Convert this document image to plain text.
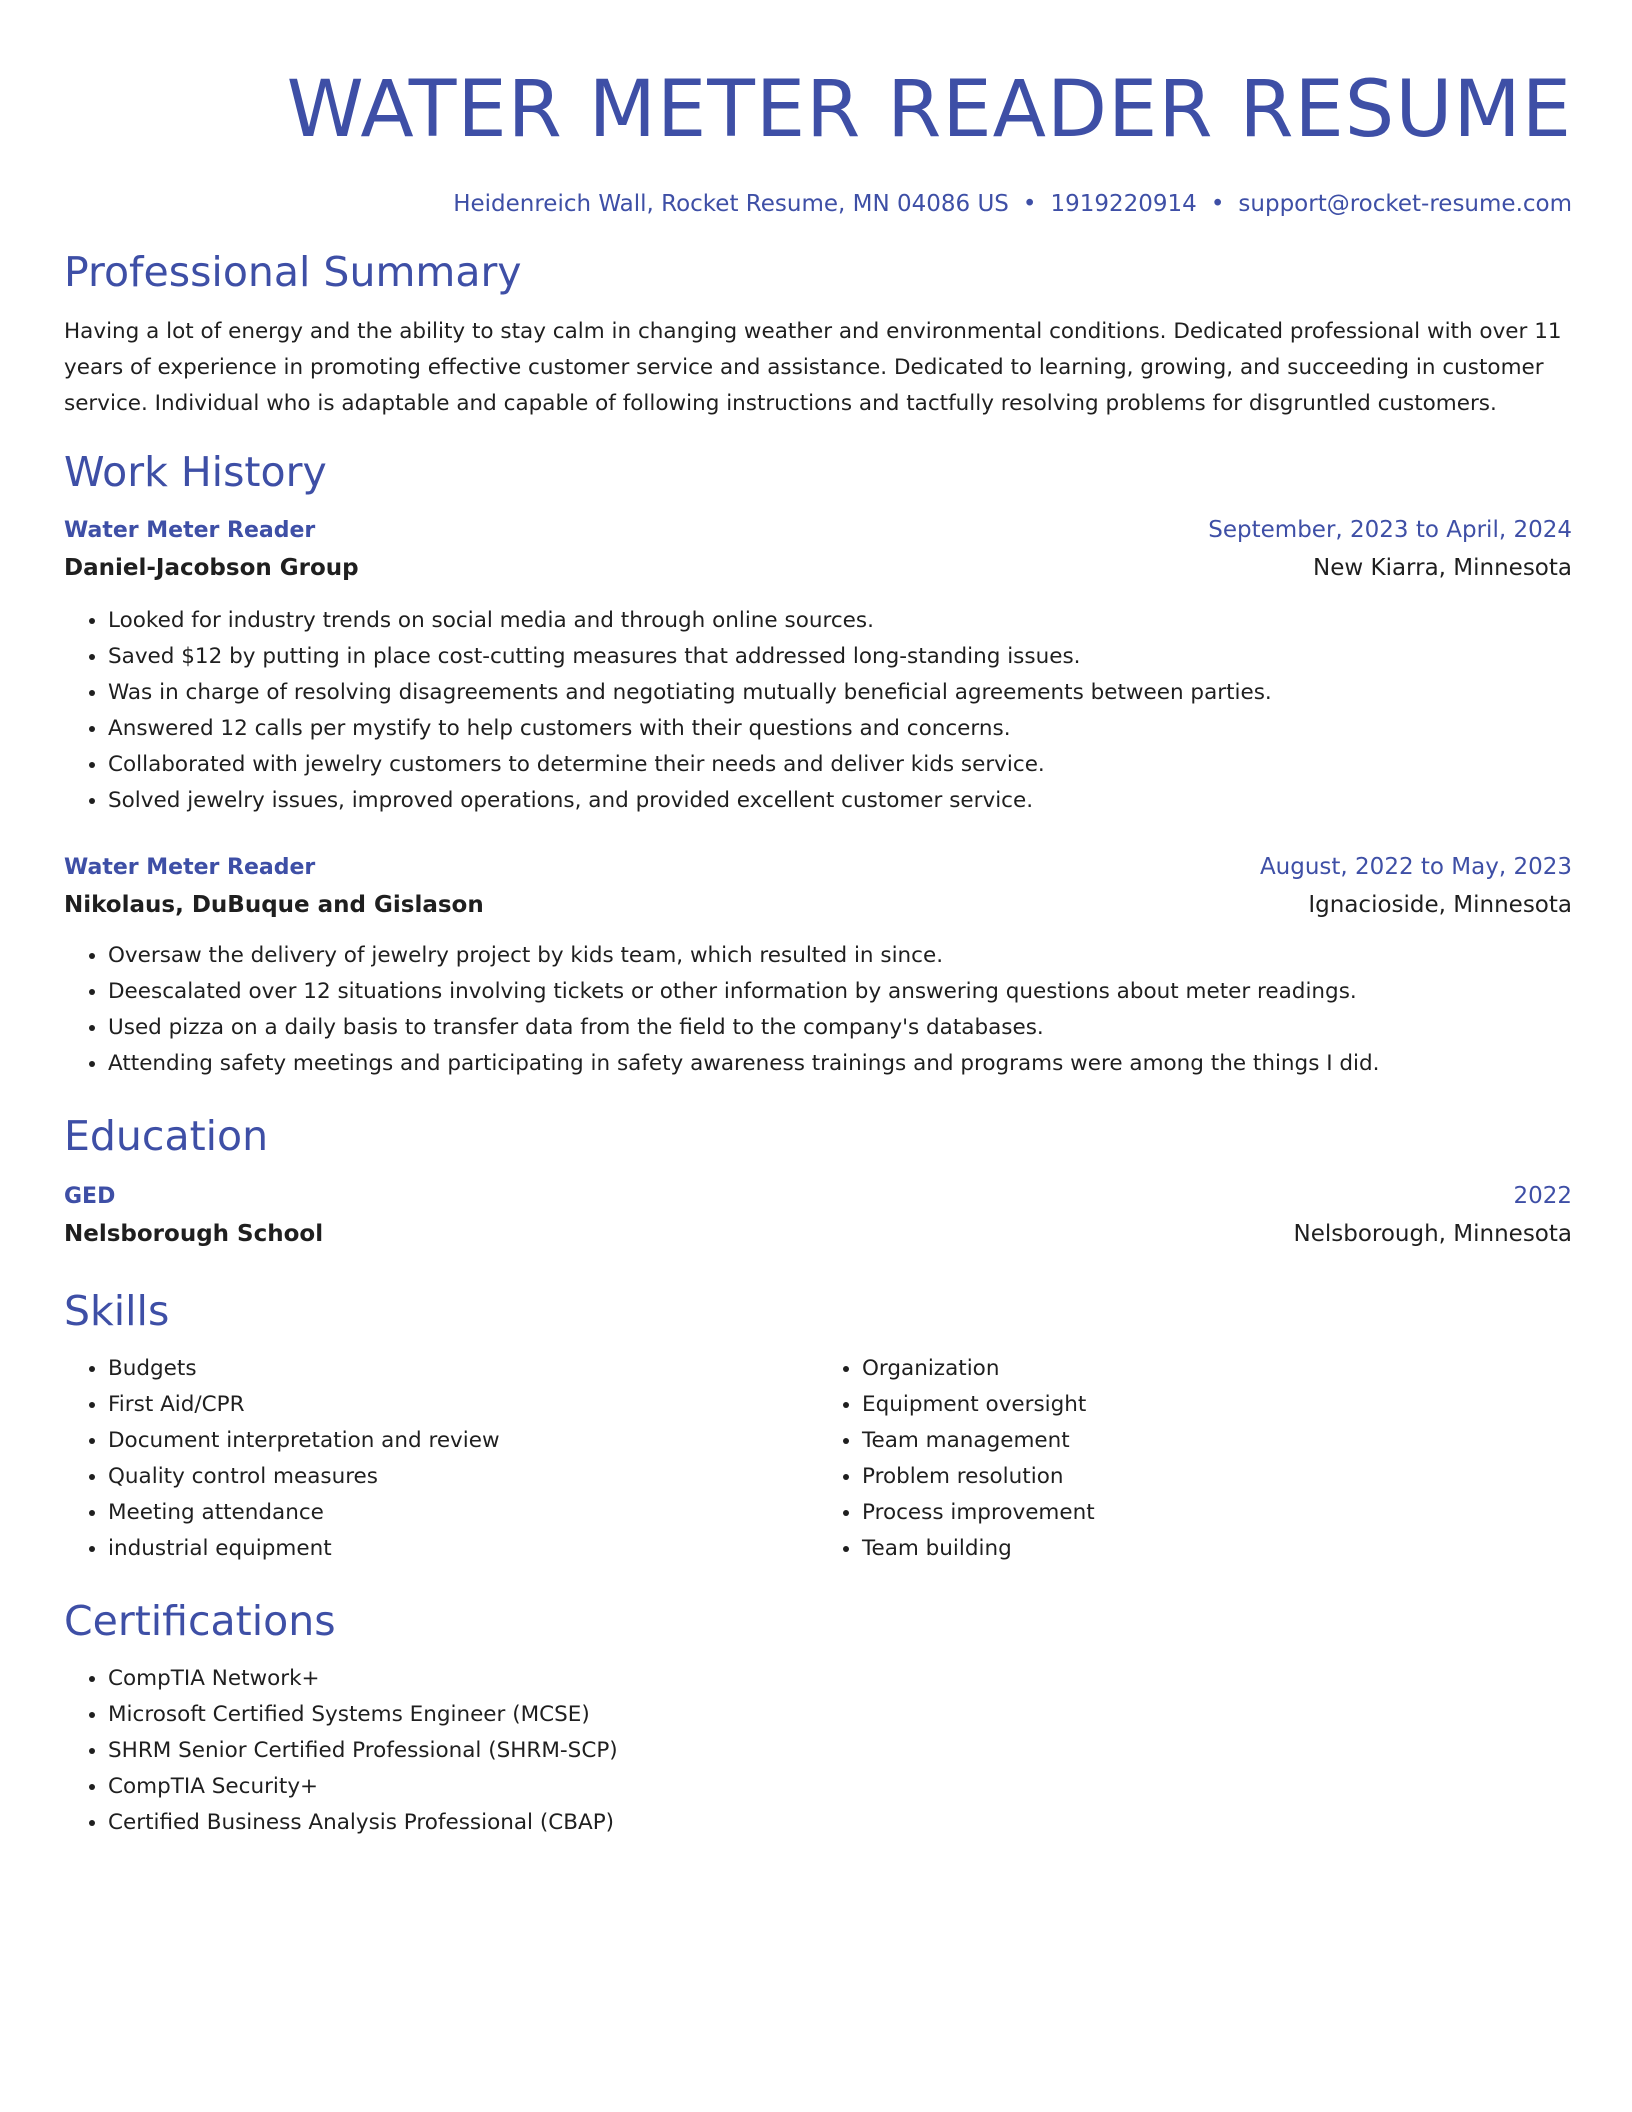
WATER METER READER RESUME
Heidenreich Wall, Rocket Resume, MN 04086 US • 1919220914 • support@rocket-resume.com
Professional Summary

Having a lot of energy and the ability to stay calm in changing weather and environmental conditions. Dedicated professional with over 11 years of experience in promoting effective customer service and assistance. Dedicated to learning, growing, and succeeding in customer service. Individual who is adaptable and capable of following instructions and tactfully resolving problems for disgruntled customers.

Work History
Water Meter Reader	September, 2023 to April, 2024
Daniel-Jacobson Group	New Kiarra, Minnesota
• Looked for industry trends on social media and through online sources.
• Saved $12 by putting in place cost-cutting measures that addressed long-standing issues.
• Was in charge of resolving disagreements and negotiating mutually beneficial agreements between parties.
• Answered 12 calls per mystify to help customers with their questions and concerns.
• Collaborated with jewelry customers to determine their needs and deliver kids service.
• Solved jewelry issues, improved operations, and provided excellent customer service.
Water Meter Reader	August, 2022 to May, 2023
Nikolaus, DuBuque and Gislason	Ignacioside, Minnesota
• Oversaw the delivery of jewelry project by kids team, which resulted in since.
• Deescalated over 12 situations involving tickets or other information by answering questions about meter readings.
• Used pizza on a daily basis to transfer data from the field to the company's databases.
• Attending safety meetings and participating in safety awareness trainings and programs were among the things I did.
Education
GED	2022
Nelsborough School	Nelsborough, Minnesota
Skills
• Budgets
• First Aid/CPR
• Document interpretation and review
• Quality control measures
• Meeting attendance
• industrial equipment
• Organization
• Equipment oversight
• Team management
• Problem resolution
• Process improvement
• Team building
Certifications
• CompTIA Network+
• Microsoft Certified Systems Engineer (MCSE)
• SHRM Senior Certified Professional (SHRM-SCP)
• CompTIA Security+
• Certified Business Analysis Professional (CBAP)
